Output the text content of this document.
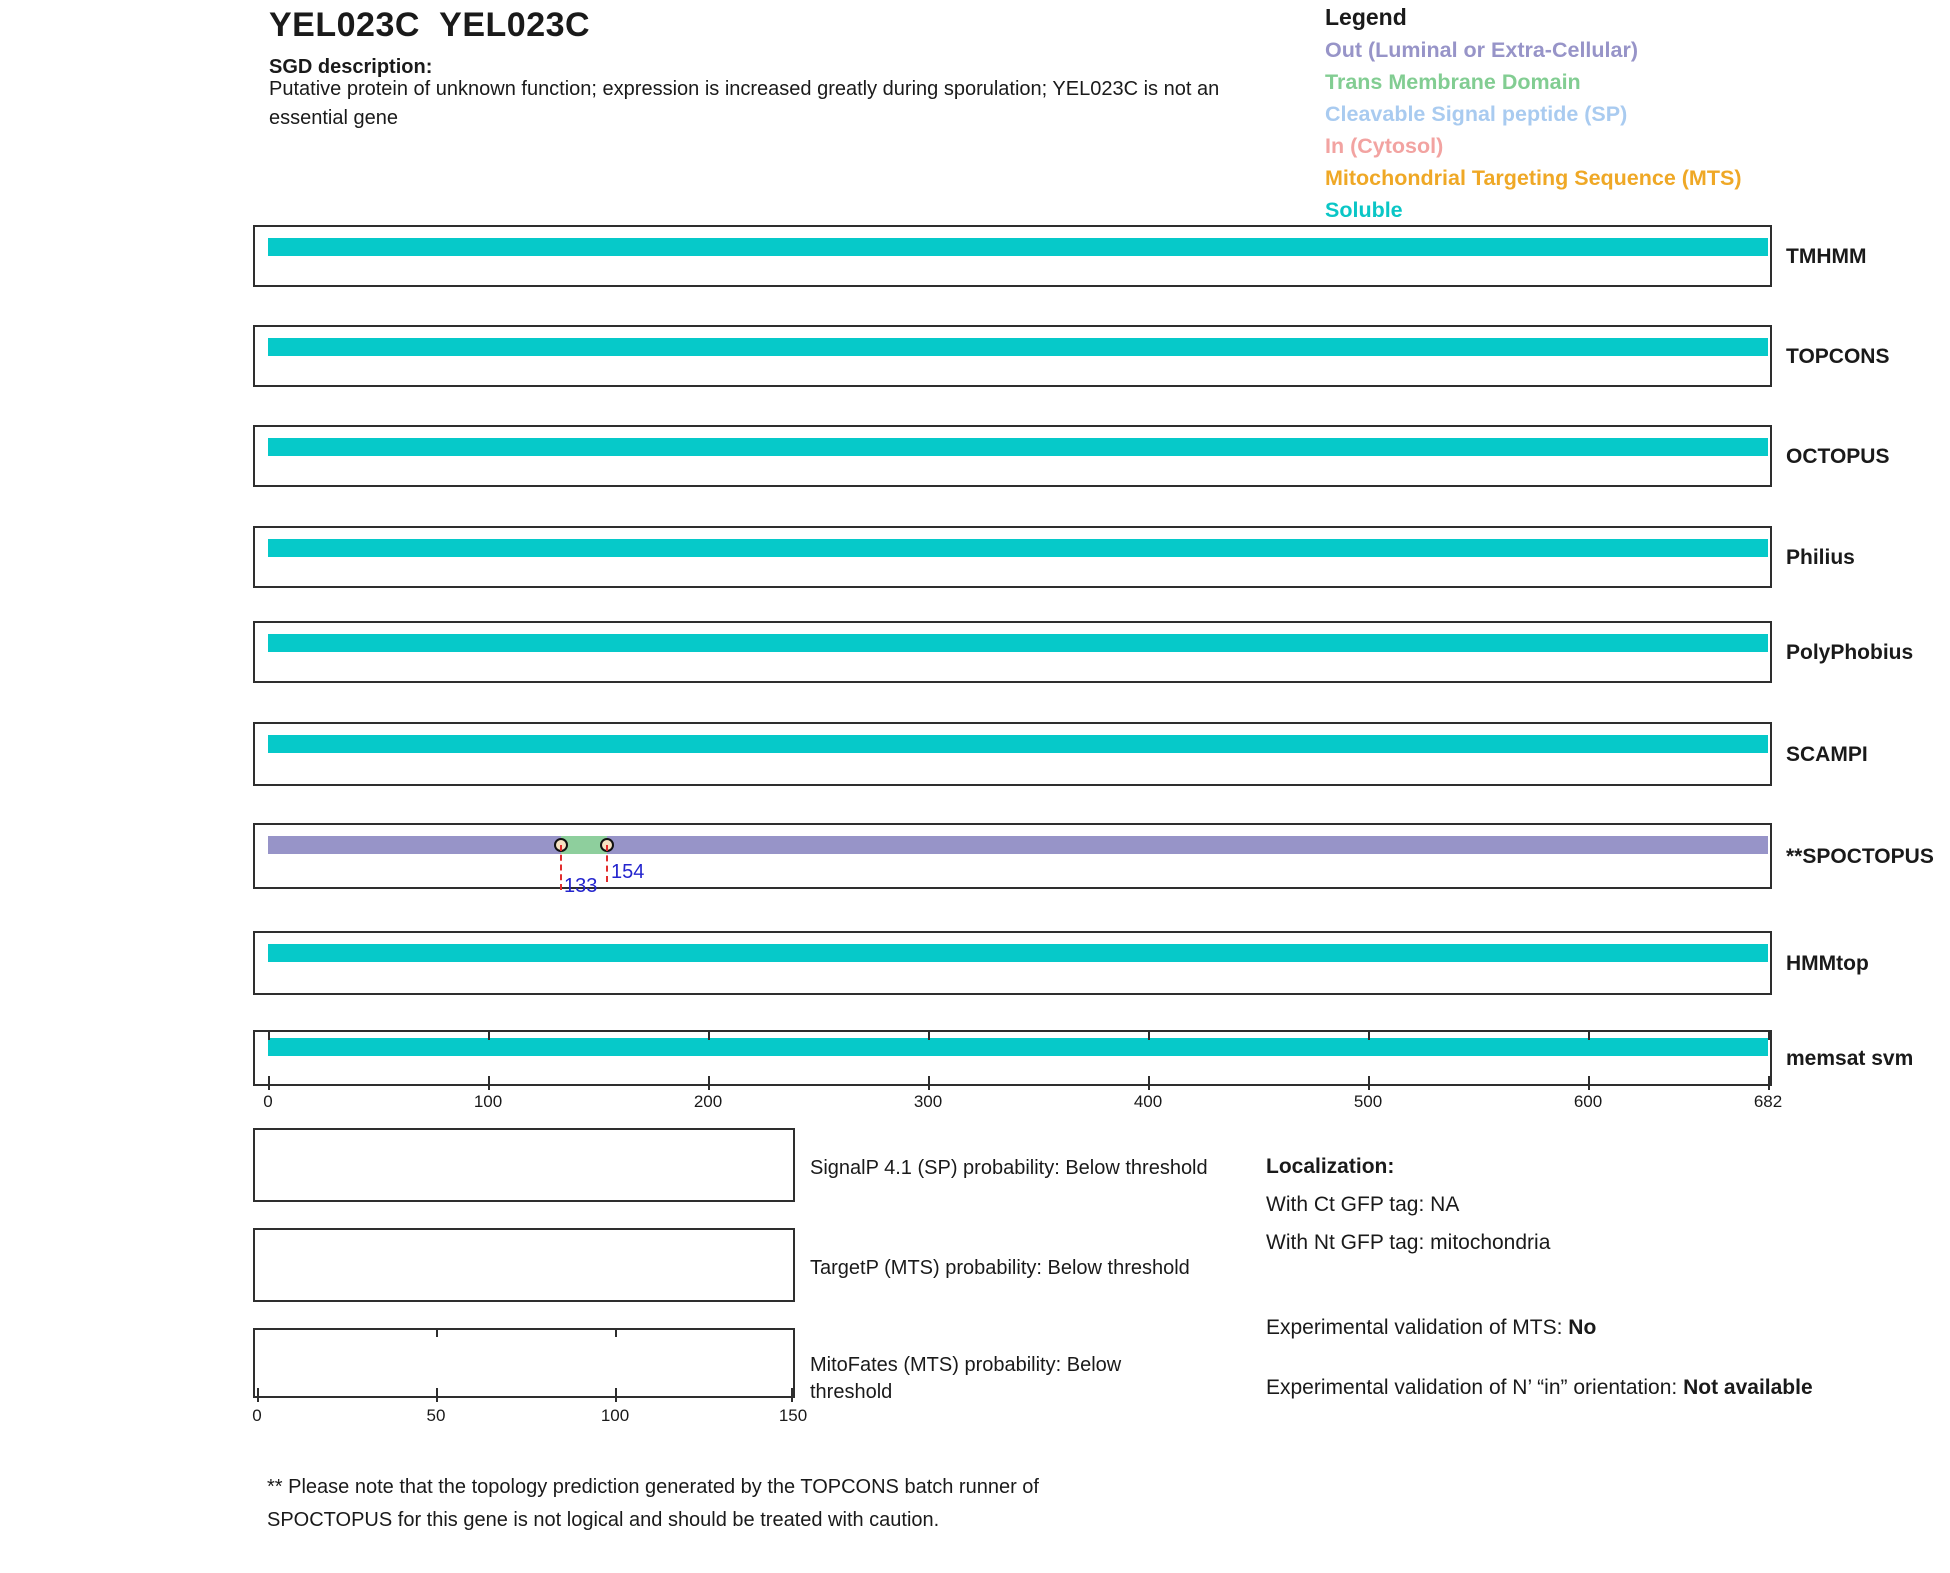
YEL023C  YEL023C
SGD description:
Putative protein of unknown function; expression is increased greatly during sporulation; YEL023C is not an
essential gene
Legend
Out (Luminal or Extra-Cellular)
Trans Membrane Domain
Cleavable Signal peptide (SP)
In (Cytosol)
Mitochondrial Targeting Sequence (MTS)
Soluble
TMHMM
TOPCONS
OCTOPUS
Philius
PolyPhobius
SCAMPI
133
154
**SPOCTOPUS
HMMtop
memsat svm
0	100	200	300	400	500	600	682
SignalP 4.1 (SP) probability: Below threshold
TargetP (MTS) probability: Below threshold
MitoFates (MTS) probability: Below threshold
0	50	100	150
Localization:
With Ct GFP tag: NA
With Nt GFP tag: mitochondria
Experimental validation of MTS: No
Experimental validation of N’ “in” orientation: Not available
** Please note that the topology prediction generated by the TOPCONS batch runner of SPOCTOPUS for this gene is not logical and should be treated with caution.
